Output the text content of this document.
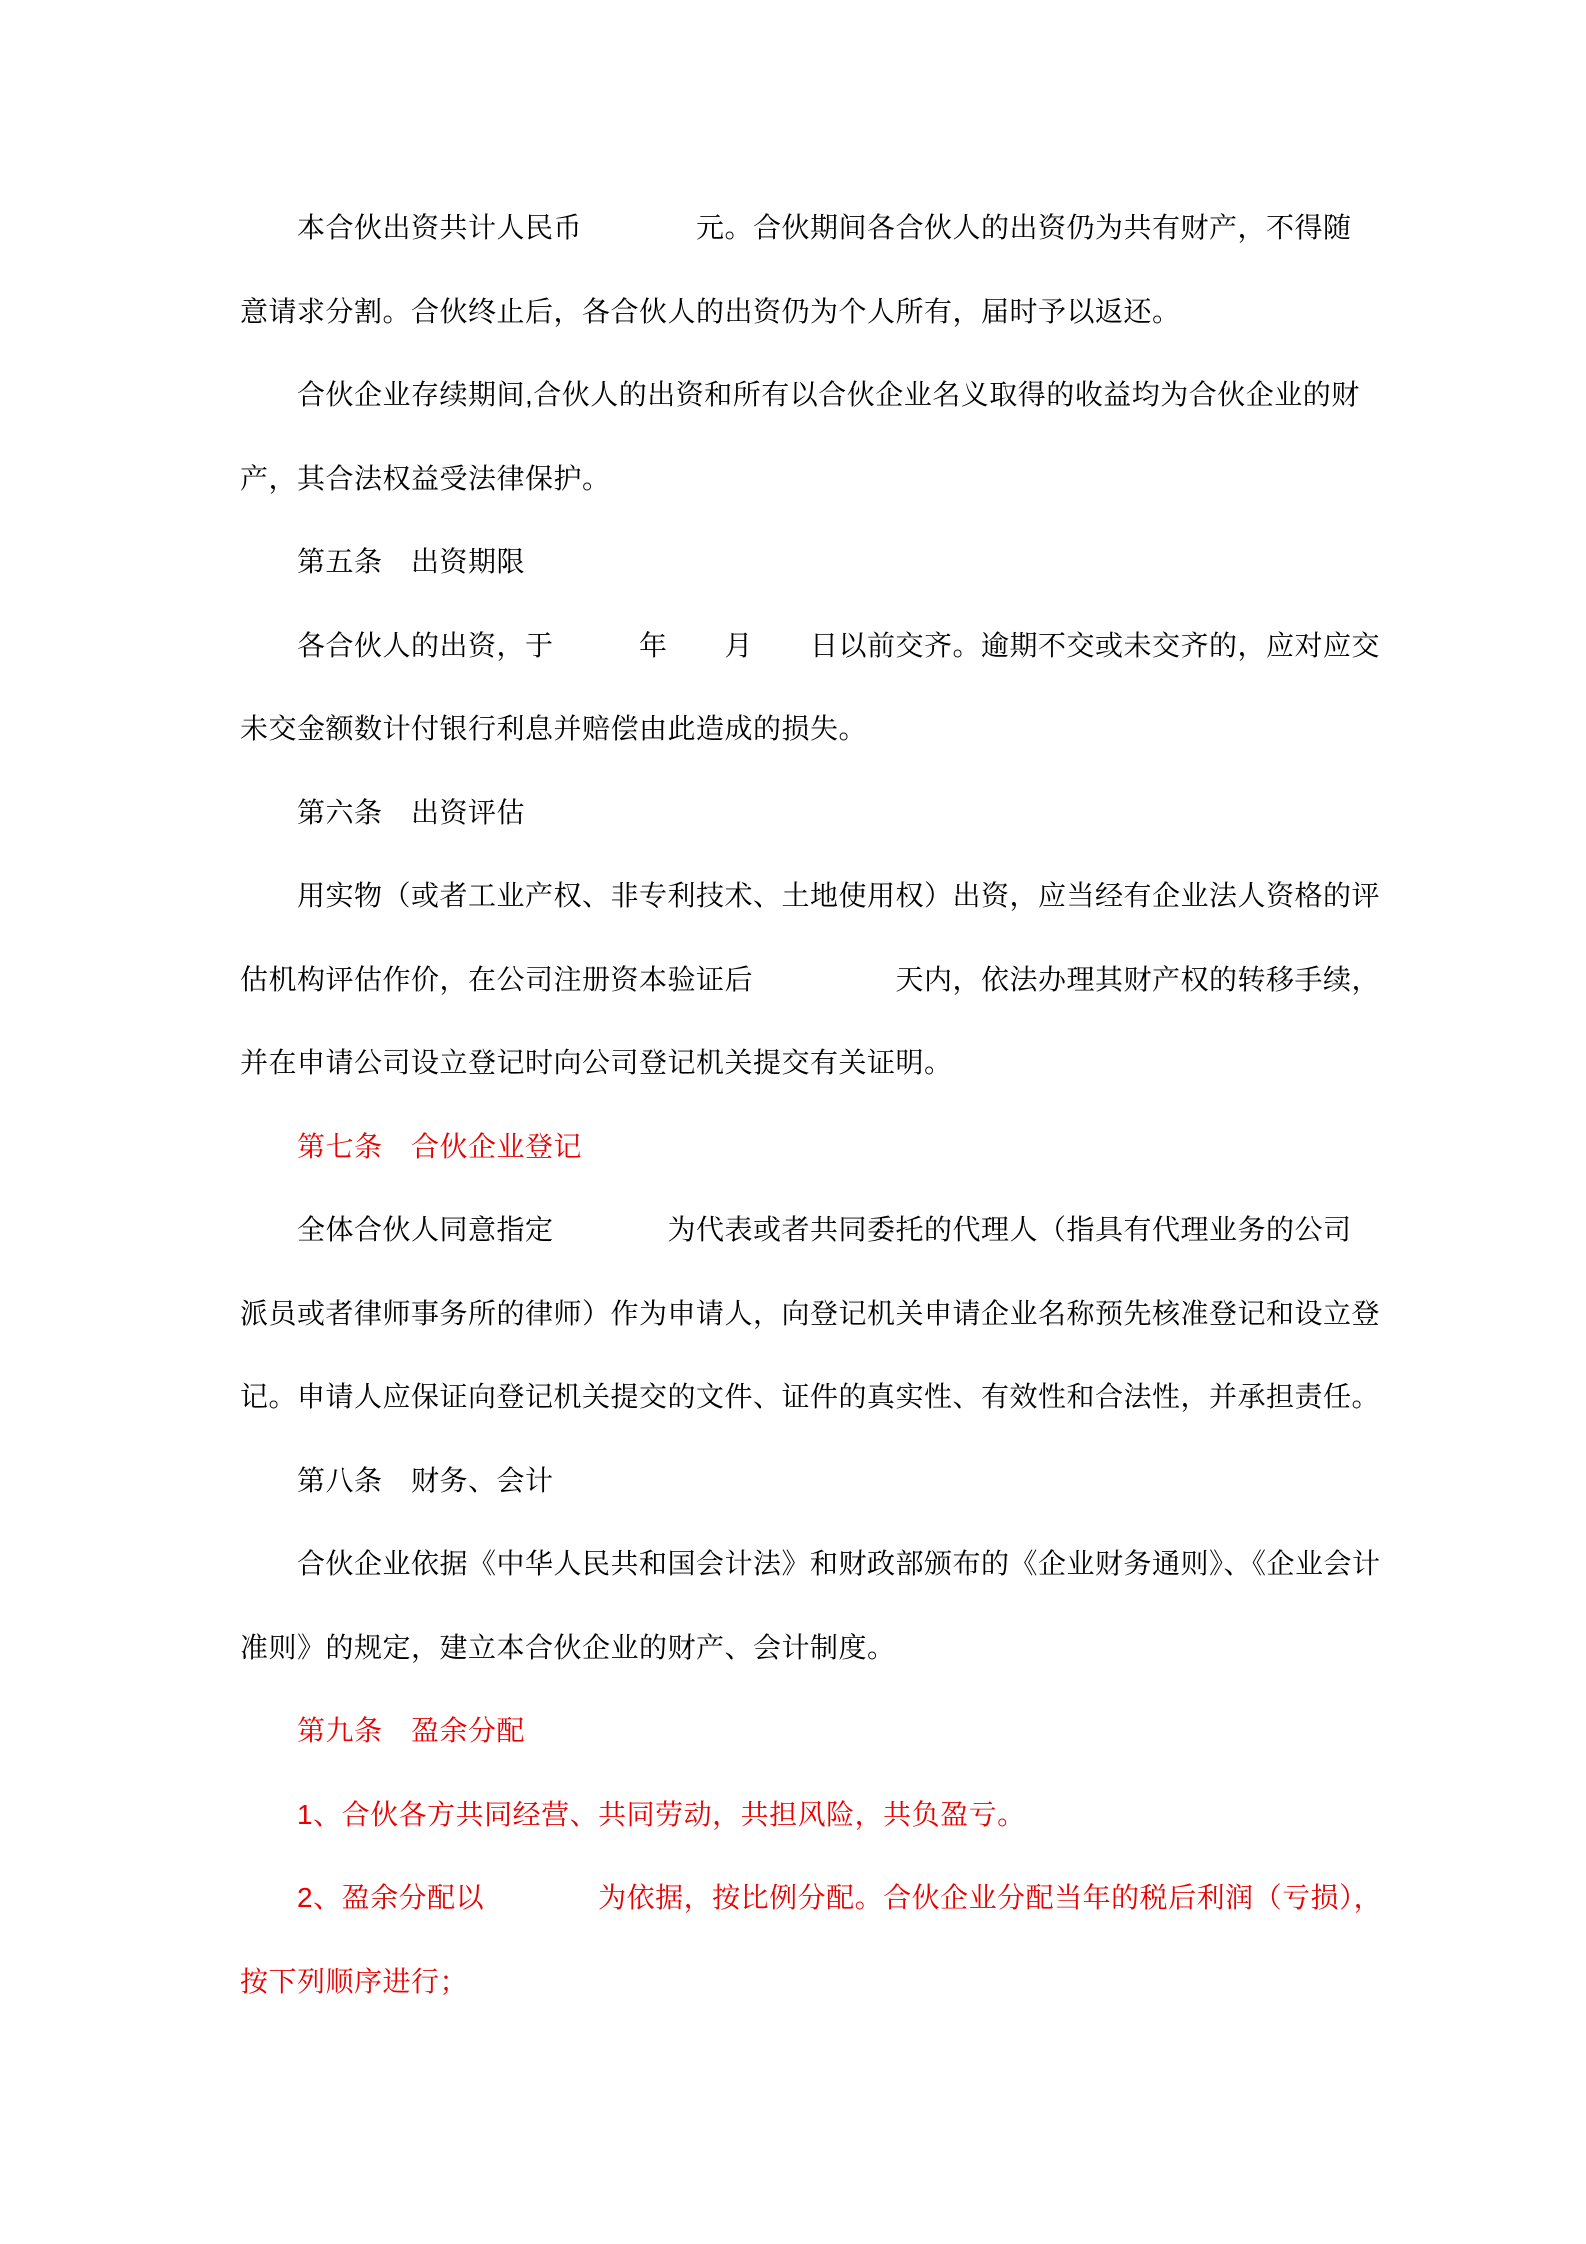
　　本合伙出资共计人民币　　　　元。合伙期间各合伙人的出资仍为共有财产，不得随
意请求分割。合伙终止后，各合伙人的出资仍为个人所有，届时予以返还。
　　合伙企业存续期间,合伙人的出资和所有以合伙企业名义取得的收益均为合伙企业的财
产，其合法权益受法律保护。
　　第五条　出资期限
　　各合伙人的出资，于　　　年　　月　　日以前交齐。逾期不交或未交齐的，应对应交
未交金额数计付银行利息并赔偿由此造成的损失。
　　第六条　出资评估
　　用实物（或者工业产权、非专利技术、土地使用权）出资，应当经有企业法人资格的评
估机构评估作价，在公司注册资本验证后　　　　　天内，依法办理其财产权的转移手续，
并在申请公司设立登记时向公司登记机关提交有关证明。
　　第七条　合伙企业登记
　　全体合伙人同意指定　　　　为代表或者共同委托的代理人（指具有代理业务的公司
派员或者律师事务所的律师）作为申请人，向登记机关申请企业名称预先核准登记和设立登
记。申请人应保证向登记机关提交的文件、证件的真实性、有效性和合法性，并承担责任。
　　第八条　财务、会计
　　合伙企业依据《中华人民共和国会计法》和财政部颁布的《企业财务通则》、《企业会计
准则》的规定，建立本合伙企业的财产、会计制度。
　　第九条　盈余分配
　　1、合伙各方共同经营、共同劳动，共担风险，共负盈亏。
　　2、盈余分配以　　　　为依据，按比例分配。合伙企业分配当年的税后利润（亏损），
按下列顺序进行；
